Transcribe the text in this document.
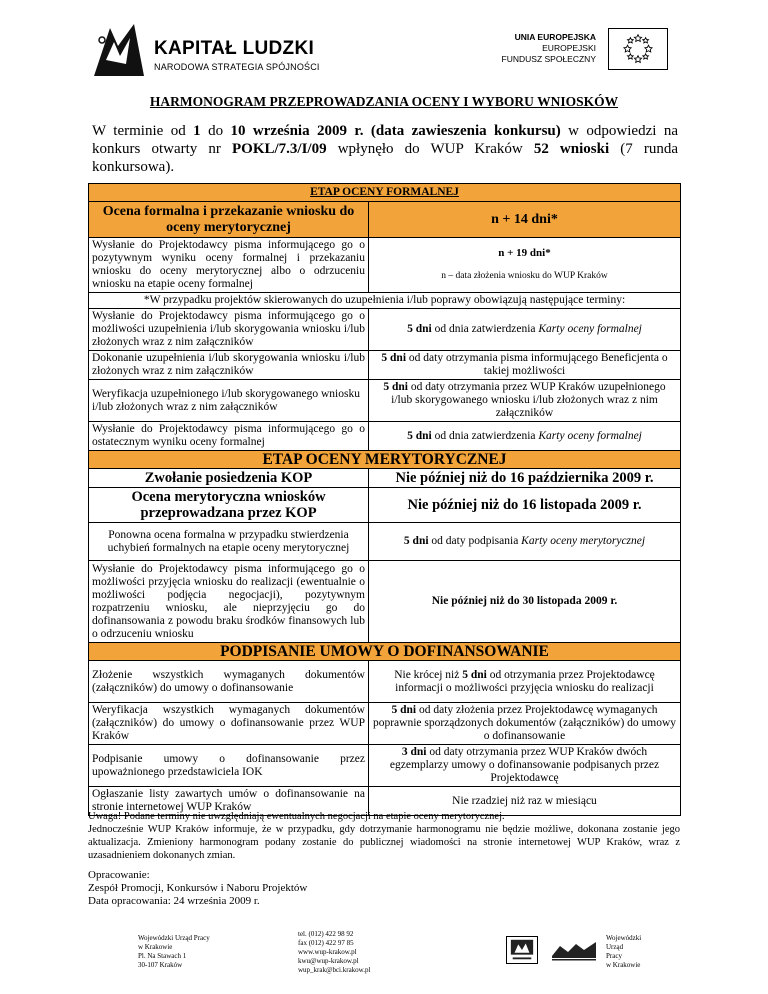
KAPITAŁ LUDZKI
NARODOWA STRATEGIA SPÓJNOŚCI
UNIA EUROPEJSKA
EUROPEJSKI
FUNDUSZ SPOŁECZNY
HARMONOGRAM PRZEPROWADZANIA OCENY I WYBORU WNIOSKÓW
W terminie od 1 do 10 września 2009 r. (data zawieszenia konkursu) w odpowiedzi na konkurs otwarty nr POKL/7.3/I/09 wpłynęło do WUP Kraków 52 wnioski (7 runda konkursowa).
ETAP OCENY FORMALNEJ	
Ocena formalna i przekazanie wniosku do oceny merytorycznej	n + 14 dni*
Wysłanie do Projektodawcy pisma informującego go o pozytywnym wyniku oceny formalnej i przekazaniu wniosku do oceny merytorycznej albo o odrzuceniu wniosku na etapie oceny formalnej	n + 19 dni*
n – data złożenia wniosku do WUP Kraków

*W przypadku projektów skierowanych do uzupełnienia i/lub poprawy obowiązują następujące terminy:	
Wysłanie do Projektodawcy pisma informującego go o możliwości uzupełnienia i/lub skorygowania wniosku i/lub złożonych wraz z nim załączników	5 dni od dnia zatwierdzenia Karty oceny formalnej
Dokonanie uzupełnienia i/lub skorygowania wniosku i/lub złożonych wraz z nim załączników	5 dni od daty otrzymania pisma informującego Beneficjenta o takiej możliwości
Weryfikacja uzupełnionego i/lub skorygowanego wniosku i/lub złożonych wraz z nim załączników	5 dni od daty otrzymania przez WUP Kraków uzupełnionego i/lub skorygowanego wniosku i/lub złożonych wraz z nim załączników
Wysłanie do Projektodawcy pisma informującego go o ostatecznym wyniku oceny formalnej	5 dni od dnia zatwierdzenia Karty oceny formalnej
ETAP OCENY MERYTORYCZNEJ	
Zwołanie posiedzenia KOP	Nie później niż do 16 października 2009 r.
Ocena merytoryczna wniosków przeprowadzana przez KOP	Nie później niż do 16 listopada 2009 r.
Ponowna ocena formalna w przypadku stwierdzenia uchybień formalnych na etapie oceny merytorycznej	5 dni od daty podpisania Karty oceny merytorycznej
Wysłanie do Projektodawcy pisma informującego go o możliwości przyjęcia wniosku do realizacji (ewentualnie o możliwości podjęcia negocjacji), pozytywnym rozpatrzeniu wniosku, ale nieprzyjęciu go do dofinansowania z powodu braku środków finansowych lub o odrzuceniu wniosku	Nie później niż do 30 listopada 2009 r.
PODPISANIE UMOWY O DOFINANSOWANIE	
Złożenie wszystkich wymaganych dokumentów (załączników) do umowy o dofinansowanie	Nie krócej niż 5 dni od otrzymania przez Projektodawcę informacji o możliwości przyjęcia wniosku do realizacji
Weryfikacja wszystkich wymaganych dokumentów (załączników) do umowy o dofinansowanie przez WUP Kraków	5 dni od daty złożenia przez Projektodawcę wymaganych poprawnie sporządzonych dokumentów (załączników) do umowy o dofinansowanie
Podpisanie umowy o dofinansowanie przez upoważnionego przedstawiciela IOK	3 dni od daty otrzymania przez WUP Kraków dwóch egzemplarzy umowy o dofinansowanie podpisanych przez Projektodawcę
Ogłaszanie listy zawartych umów o dofinansowanie na stronie internetowej WUP Kraków	Nie rzadziej niż raz w miesiącu
Uwaga! Podane terminy nie uwzględniają ewentualnych negocjacji na etapie oceny merytorycznej.
Jednocześnie WUP Kraków informuje, że w przypadku, gdy dotrzymanie harmonogramu nie będzie możliwe, dokonana zostanie jego aktualizacja. Zmieniony harmonogram podany zostanie do publicznej wiadomości na stronie internetowej WUP Kraków, wraz z uzasadnieniem dokonanych zmian.
Opracowanie:
Zespół Promocji, Konkursów i Naboru Projektów
Data opracowania: 24 września 2009 r.
Wojewódzki Urząd Pracy
w Krakowie
Pl. Na Stawach 1
30-107 Kraków
tel. (012) 422 98 92
fax (012) 422 97 85
www.wup-krakow.pl
kwu@wup-krakow.pl
wup_krak@bci.krakow.pl
Wojewódzki
Urząd
Pracy
w Krakowie
